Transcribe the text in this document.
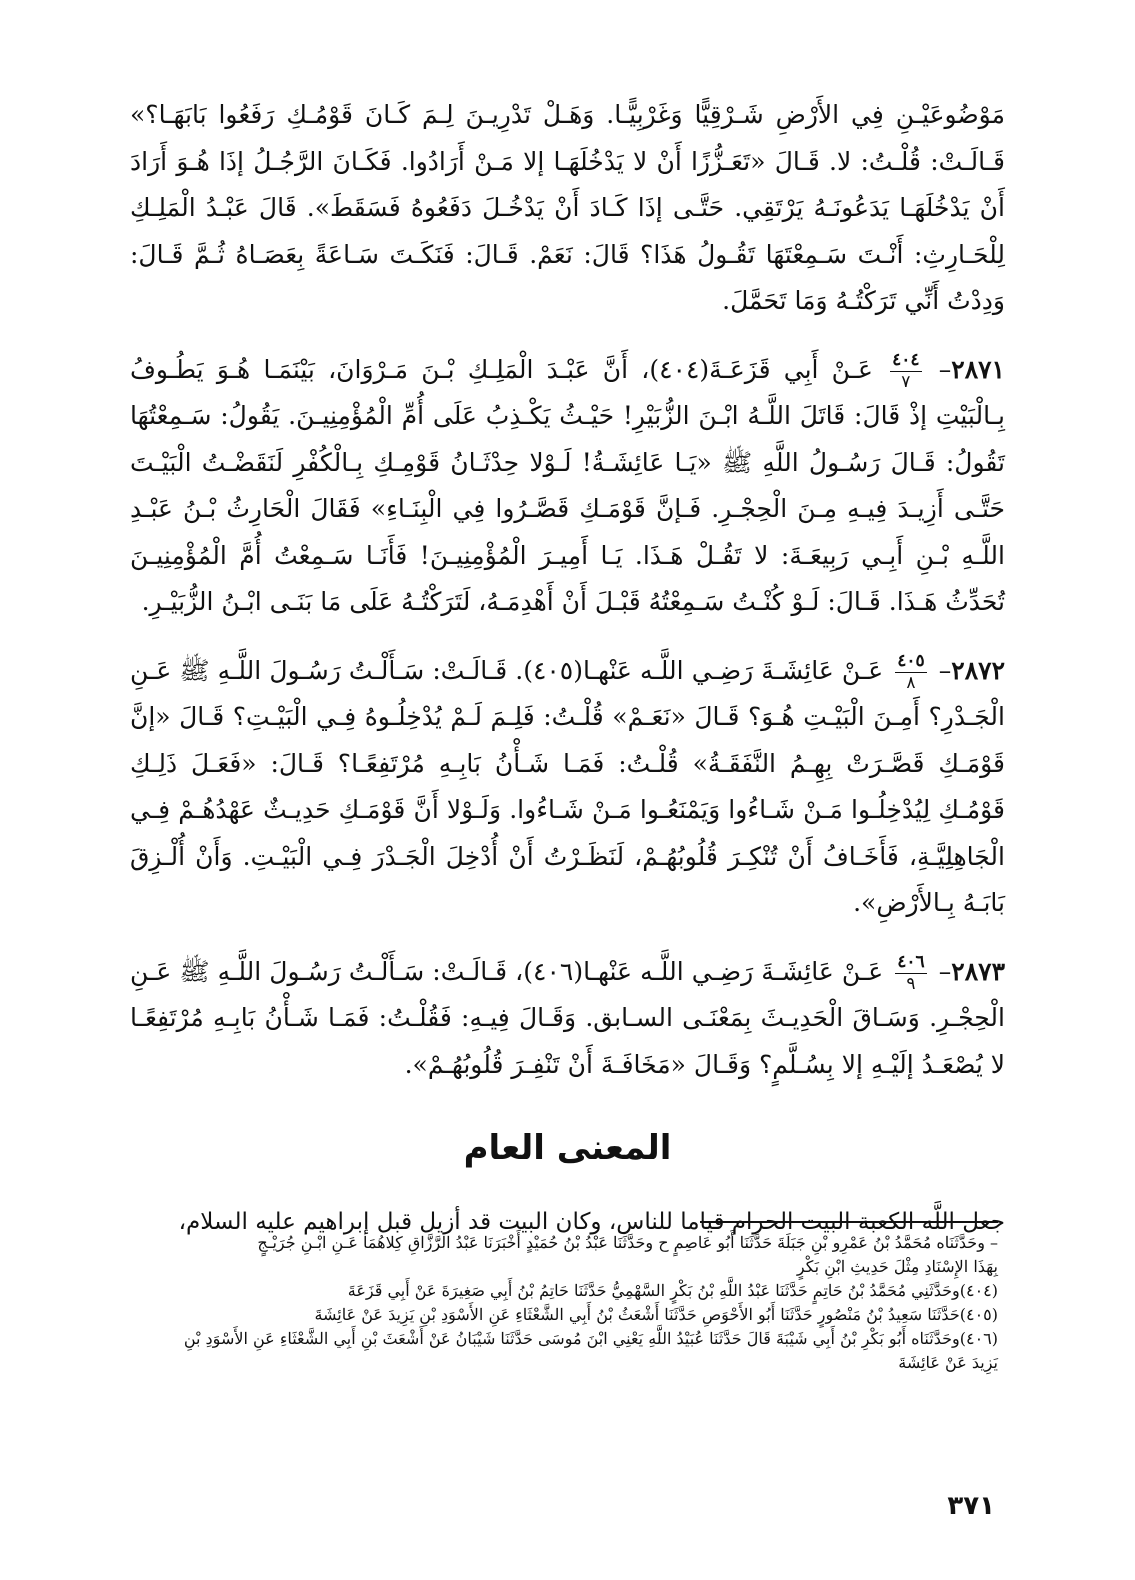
مَوْضُوعَيْـنِ فِي الأَرْضِ شَـرْقِيًّا وَغَرْبِيًّـا. وَهَـلْ تَدْرِيـنَ لِـمَ كَـانَ قَوْمُـكِ رَفَعُوا بَابَهَـا؟» قَـالَـتْ: قُلْـتُ: لا. قَـالَ «تَعَـزُّزًا أَنْ لا يَدْخُلَهَـا إلا مَـنْ أَرَادُوا. فَكَـانَ الرَّجُـلُ إذَا هُـوَ أَرَادَ أَنْ يَدْخُلَهَـا يَدَعُونَـهُ يَرْتَقِي. حَتَّـى إذَا كَـادَ أَنْ يَدْخُـلَ دَفَعُوهُ فَسَقَطَ». قَالَ عَبْـدُ الْمَلِـكِ لِلْحَـارِثِ: أَنْـتَ سَـمِعْتَهَا تَقُـولُ هَذَا؟ قَالَ: نَعَمْ. قَـالَ: فَنَكَـتَ سَـاعَةً بِعَصَـاهُ ثُـمَّ قَـالَ: وَدِدْتُ أَنِّي تَرَكْتُـهُ وَمَا تَحَمَّلَ.

٢٨٧١–
$\frac{٤٠٤}{٧}$
عَـنْ أَبِي قَزَعَـةَ(٤٠٤)، أَنَّ عَبْـدَ الْمَلِـكِ بْـنَ مَـرْوَانَ، بَيْنَمَـا هُـوَ يَطُـوفُ بِـالْبَيْتِ إذْ قَالَ: قَاتَلَ اللَّـهُ ابْـنَ الزُّبَيْرِ! حَيْـثُ يَكْـذِبُ عَلَى أُمِّ الْمُؤْمِنِيـنَ. يَقُولُ: سَـمِعْتُهَا تَقُولُ: قَـالَ رَسُـولُ اللَّهِ ﷺ «يَـا عَائِشَـةُ! لَـوْلا حِدْثَـانُ قَوْمِـكِ بِـالْكُفْرِ لَنَقَضْـتُ الْبَيْـتَ حَتَّـى أَزِيـدَ فِيـهِ مِـنَ الْحِجْـرِ. فَـإنَّ قَوْمَـكِ قَصَّـرُوا فِي الْبِنَـاءِ» فَقَالَ الْحَارِثُ بْـنُ عَبْـدِ اللَّـهِ بْـنِ أَبِـي رَبِيعَـةَ: لا تَقُـلْ هَـذَا. يَـا أَمِيـرَ الْمُؤْمِنِيـنَ! فَأَنَـا سَـمِعْتُ أُمَّ الْمُؤْمِنِيـنَ تُحَدِّثُ هَـذَا. قَـالَ: لَـوْ كُنْـتُ سَـمِعْتُهُ قَبْـلَ أَنْ أَهْدِمَـهُ، لَتَرَكْتُـهُ عَلَى مَا بَنَـى ابْـنُ الزُّبَيْـرِ.

٢٨٧٢–
$\frac{٤٠٥}{٨}$
عَـنْ عَائِشَـةَ رَضِـي اللَّـه عَنْهـا(٤٠٥). قَـالَـتْ: سَـأَلْـتُ رَسُـولَ اللَّـهِ ﷺ عَـنِ الْجَـدْرِ؟ أَمِـنَ الْبَيْـتِ هُـوَ؟ قَـالَ «نَعَـمْ» قُلْـتُ: فَلِـمَ لَـمْ يُدْخِلُـوهُ فِـي الْبَيْـتِ؟ قَـالَ «إنَّ قَوْمَـكِ قَصَّـرَتْ بِهِـمُ النَّفَقَـةُ» قُلْـتُ: فَمَـا شَـأْنُ بَابِـهِ مُرْتَفِعًـا؟ قَـالَ: «فَعَـلَ ذَلِـكِ قَوْمُـكِ لِيُدْخِلُـوا مَـنْ شَـاءُوا وَيَمْنَعُـوا مَـنْ شَـاءُوا. وَلَـوْلا أَنَّ قَوْمَـكِ حَدِيـثٌ عَهْدُهُـمْ فِـي الْجَاهِلِيَّـةِ، فَأَخَـافُ أَنْ تُنْكِـرَ قُلُوبُهُـمْ، لَنَظَـرْتُ أَنْ أُدْخِلَ الْجَـدْرَ فِـي الْبَيْـتِ. وَأَنْ أُلْـزِقَ بَابَـهُ بِـالأَرْضِ».

٢٨٧٣–
$\frac{٤٠٦}{٩}$
عَـنْ عَائِشَـةَ رَضِـي اللَّـه عَنْهـا(٤٠٦)، قَـالَـتْ: سَـأَلْـتُ رَسُـولَ اللَّـهِ ﷺ عَـنِ الْحِجْـرِ. وَسَـاقَ الْحَدِيـثَ بِمَعْنَـى السـابق. وَقَـالَ فِيـهِ: فَقُلْـتُ: فَمَـا شَـأْنُ بَابِـهِ مُرْتَفِعًـا لا يُصْعَـدُ إلَيْـهِ إلا بِسُـلَّمٍ؟ وَقَـالَ «مَخَافَـةَ أَنْ تَنْفِـرَ قُلُوبُهُـمْ».

المعنى العام

جعل اللَّه الكعبة البيت الحرام قياما للناس، وكان البيت قد أزيل قبل إبراهيم عليه السلام،

– وحَدَّثَنَاه مُحَمَّدُ بْنُ عَمْرِو بْنِ جَبَلَةَ حَدَّثَنَا أَبُو عَاصِمٍ ح وحَدَّثَنَا عَبْدُ بْنُ حُمَيْدٍ أَخْبَرَنَا عَبْدُ الرَّزَّاقِ كِلاهُمَا عَـنِ ابْـنِ جُرَيْـجٍ

بِهَذَا الإِسْنَادِ مِثْلَ حَدِيثِ ابْنِ بَكْرٍ

(٤٠٤)وحَدَّثَنِي مُحَمَّدُ بْنُ حَاتِمٍ حَدَّثَنَا عَبْدُ اللَّهِ بْنُ بَكْرٍ السَّهْمِيُّ حَدَّثَنَا حَاتِمُ بْنُ أَبِي صَغِيرَةَ عَنْ أَبِي قَزَعَةَ

(٤٠٥)حَدَّثَنَا سَعِيدُ بْنُ مَنْصُورٍ حَدَّثَنَا أَبُو الأَحْوَصِ حَدَّثَنَا أَشْعَثُ بْنُ أَبِي الشَّعْثَاءِ عَنِ الأَسْوَدِ بْنِ يَزِيدَ عَنْ عَائِشَةَ

(٤٠٦)وحَدَّثَنَاه أَبُو بَكْرِ بْنُ أَبِي شَيْبَةَ قَالَ حَدَّثَنَا عُبَيْدُ اللَّهِ يَعْنِي ابْنَ مُوسَى حَدَّثَنَا شَيْبَانُ عَنْ أَشْعَثَ بْنِ أَبِي الشَّعْثَاءِ عَنِ الأَسْوَدِ بْنِ

يَزِيدَ عَنْ عَائِشَةَ

٣٧١
